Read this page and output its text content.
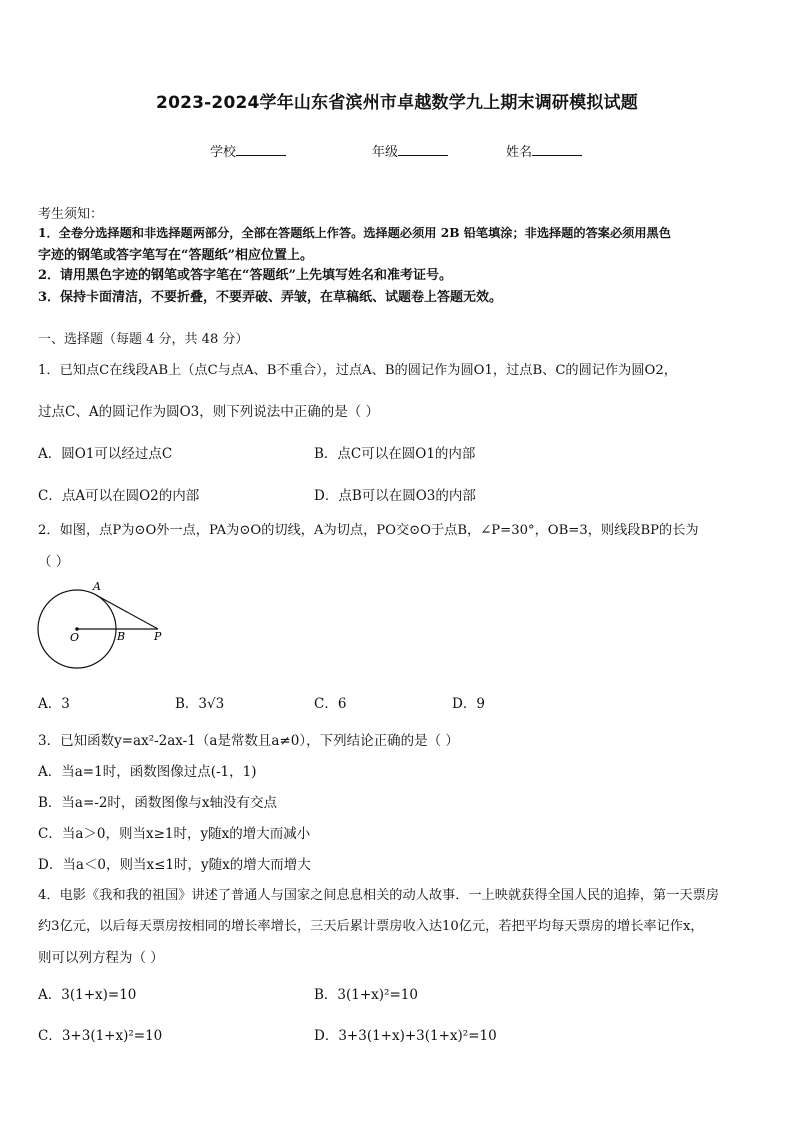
2023-2024学年山东省滨州市卓越数学九上期末调研模拟试题
学校	年级	姓名
考生须知：
1．全卷分选择题和非选择题两部分，全部在答题纸上作答。选择题必须用 2B 铅笔填涂；非选择题的答案必须用黑色
字迹的钢笔或答字笔写在“答题纸”相应位置上。
2．请用黑色字迹的钢笔或答字笔在“答题纸”上先填写姓名和准考证号。
3．保持卡面清洁，不要折叠，不要弄破、弄皱，在草稿纸、试题卷上答题无效。
一、选择题（每题 4 分，共 48 分）
1．已知点C在线段AB上（点C与点A、B不重合），过点A、B的圆记作为圆O1，过点B、C的圆记作为圆O2，
过点C、A的圆记作为圆O3，则下列说法中正确的是（ ）
A．圆O1可以经过点C	B．点C可以在圆O1的内部
C．点A可以在圆O2的内部	D．点B可以在圆O3的内部
2．如图，点P为⊙O外一点，PA为⊙O的切线，A为切点，PO交⊙O于点B，∠P=30°，OB=3，则线段BP的长为
（ ）
A
O	B	P
A．3	B．3√3	C．6	D．9
3．已知函数y=ax²-2ax-1（a是常数且a≠0），下列结论正确的是（ ）
A．当a=1时，函数图像过点(-1，1)
B．当a=-2时，函数图像与x轴没有交点
C．当a＞0，则当x≥1时，y随x的增大而减小
D．当a＜0，则当x≤1时，y随x的增大而增大
4．电影《我和我的祖国》讲述了普通人与国家之间息息相关的动人故事．一上映就获得全国人民的追捧，第一天票房
约3亿元，以后每天票房按相同的增长率增长，三天后累计票房收入达10亿元，若把平均每天票房的增长率记作x，
则可以列方程为（ ）
A．3(1+x)=10	B．3(1+x)²=10
C．3+3(1+x)²=10	D．3+3(1+x)+3(1+x)²=10
